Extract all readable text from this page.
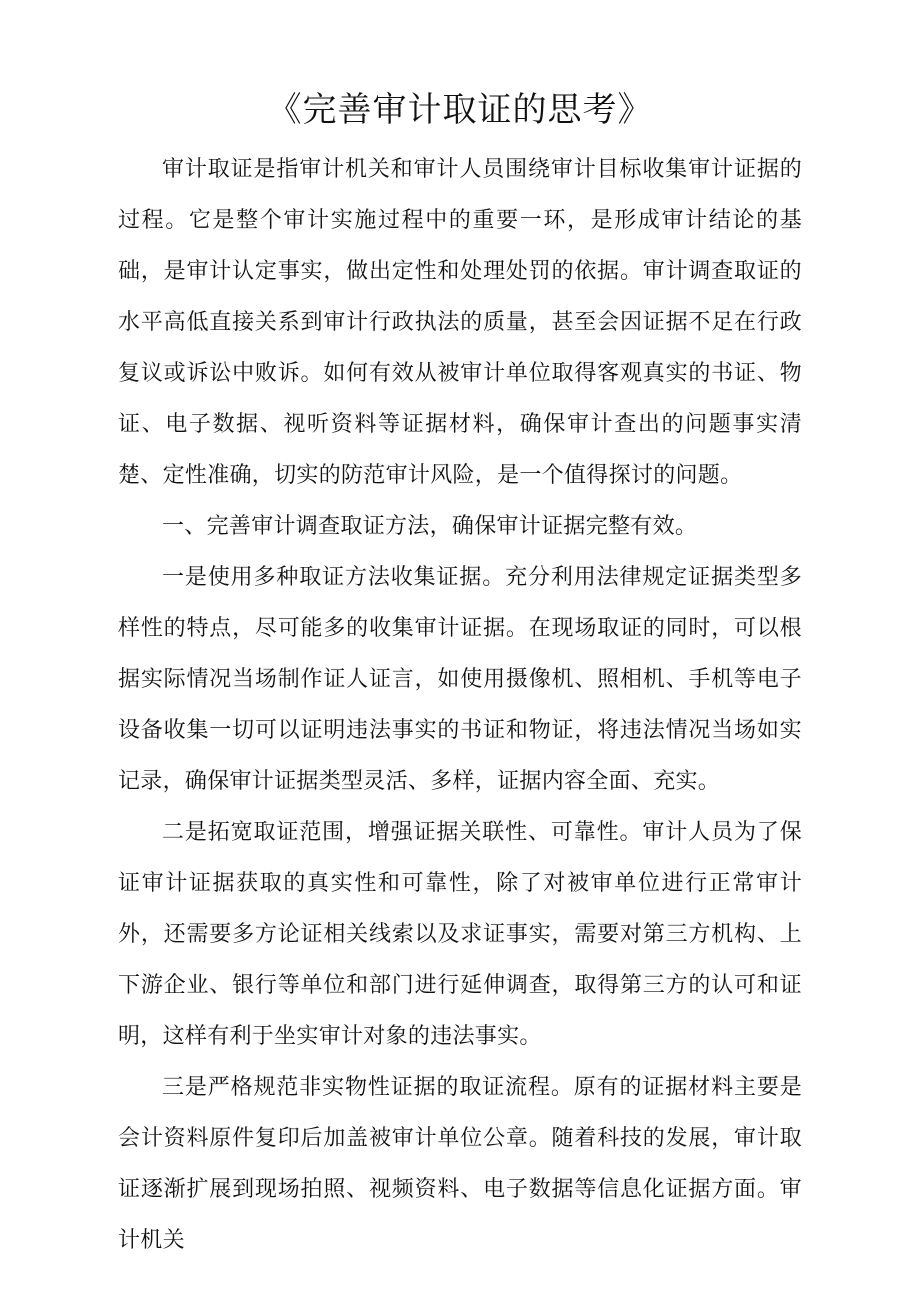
《完善审计取证的思考》

审计取证是指审计机关和审计人员围绕审计目标收集审计证据的过程。它是整个审计实施过程中的重要一环，是形成审计结论的基础，是审计认定事实，做出定性和处理处罚的依据。审计调查取证的水平高低直接关系到审计行政执法的质量，甚至会因证据不足在行政复议或诉讼中败诉。如何有效从被审计单位取得客观真实的书证、物证、电子数据、视听资料等证据材料，确保审计查出的问题事实清楚、定性准确，切实的防范审计风险，是一个值得探讨的问题。

一、完善审计调查取证方法，确保审计证据完整有效。

一是使用多种取证方法收集证据。充分利用法律规定证据类型多样性的特点，尽可能多的收集审计证据。在现场取证的同时，可以根据实际情况当场制作证人证言，如使用摄像机、照相机、手机等电子设备收集一切可以证明违法事实的书证和物证，将违法情况当场如实记录，确保审计证据类型灵活、多样，证据内容全面、充实。

二是拓宽取证范围，增强证据关联性、可靠性。审计人员为了保证审计证据获取的真实性和可靠性，除了对被审单位进行正常审计外，还需要多方论证相关线索以及求证事实，需要对第三方机构、上下游企业、银行等单位和部门进行延伸调查，取得第三方的认可和证明，这样有利于坐实审计对象的违法事实。

三是严格规范非实物性证据的取证流程。原有的证据材料主要是会计资料原件复印后加盖被审计单位公章。随着科技的发展，审计取证逐渐扩展到现场拍照、视频资料、电子数据等信息化证据方面。审计机关
